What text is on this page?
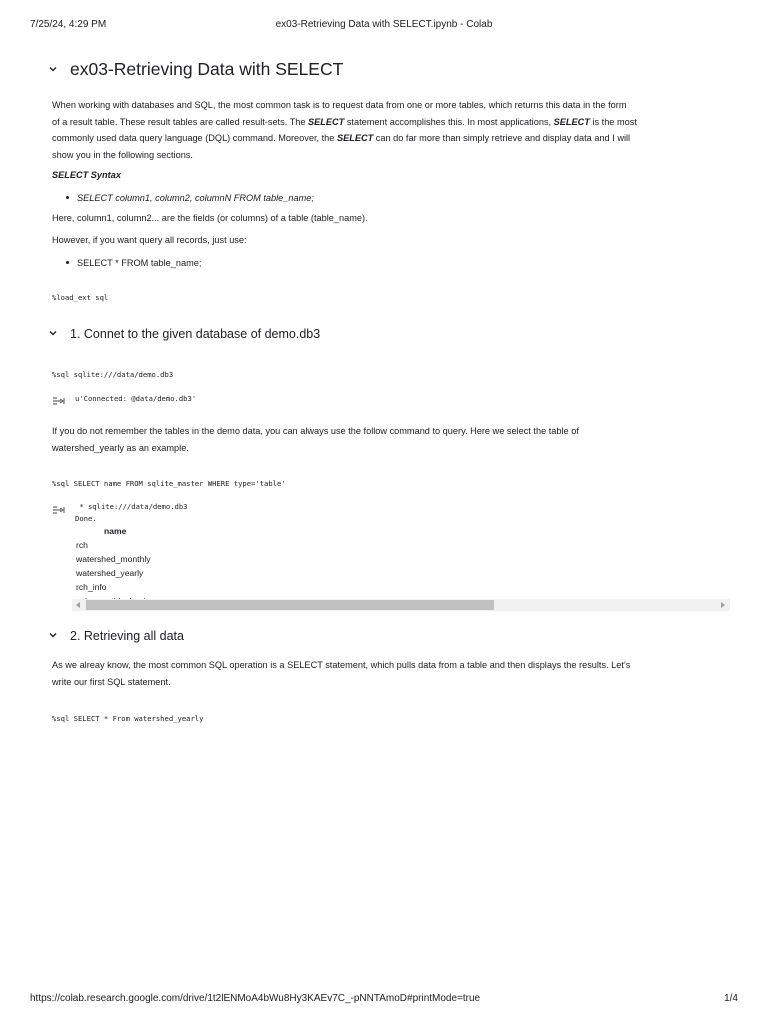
7/25/24, 4:29 PM	ex03-Retrieving Data with SELECT.ipynb - Colab
ex03-Retrieving Data with SELECT
When working with databases and SQL, the most common task is to request data from one or more tables, which returns this data in the form
of a result table. These result tables are called result-sets. The SELECT statement accomplishes this. In most applications, SELECT is the most
commonly used data query language (DQL) command. Moreover, the SELECT can do far more than simply retrieve and display data and I will
show you in the following sections.
SELECT Syntax
SELECT column1, column2, columnN FROM table_name;
Here, column1, column2... are the fields (or columns) of a table (table_name).
However, if you want query all records, just use:
SELECT * FROM table_name;
%load_ext sql
1. Connet to the given database of demo.db3
%sql sqlite:///data/demo.db3
u'Connected: @data/demo.db3'
If you do not remember the tables in the demo data, you can always use the follow command to query. Here we select the table of
watershed_yearly as an example.
%sql SELECT name FROM sqlite_master WHERE type='table'
* sqlite:///data/demo.db3
Done.
name
rch
watershed_monthly
watershed_yearly
rch_info
2. Retrieving all data
As we alreay know, the most common SQL operation is a SELECT statement, which pulls data from a table and then displays the results. Let's
write our first SQL statement.
%sql SELECT * From watershed_yearly
https://colab.research.google.com/drive/1t2lENMoA4bWu8Hy3KAEv7C_-pNNTAmoD#printMode=true	1/4
